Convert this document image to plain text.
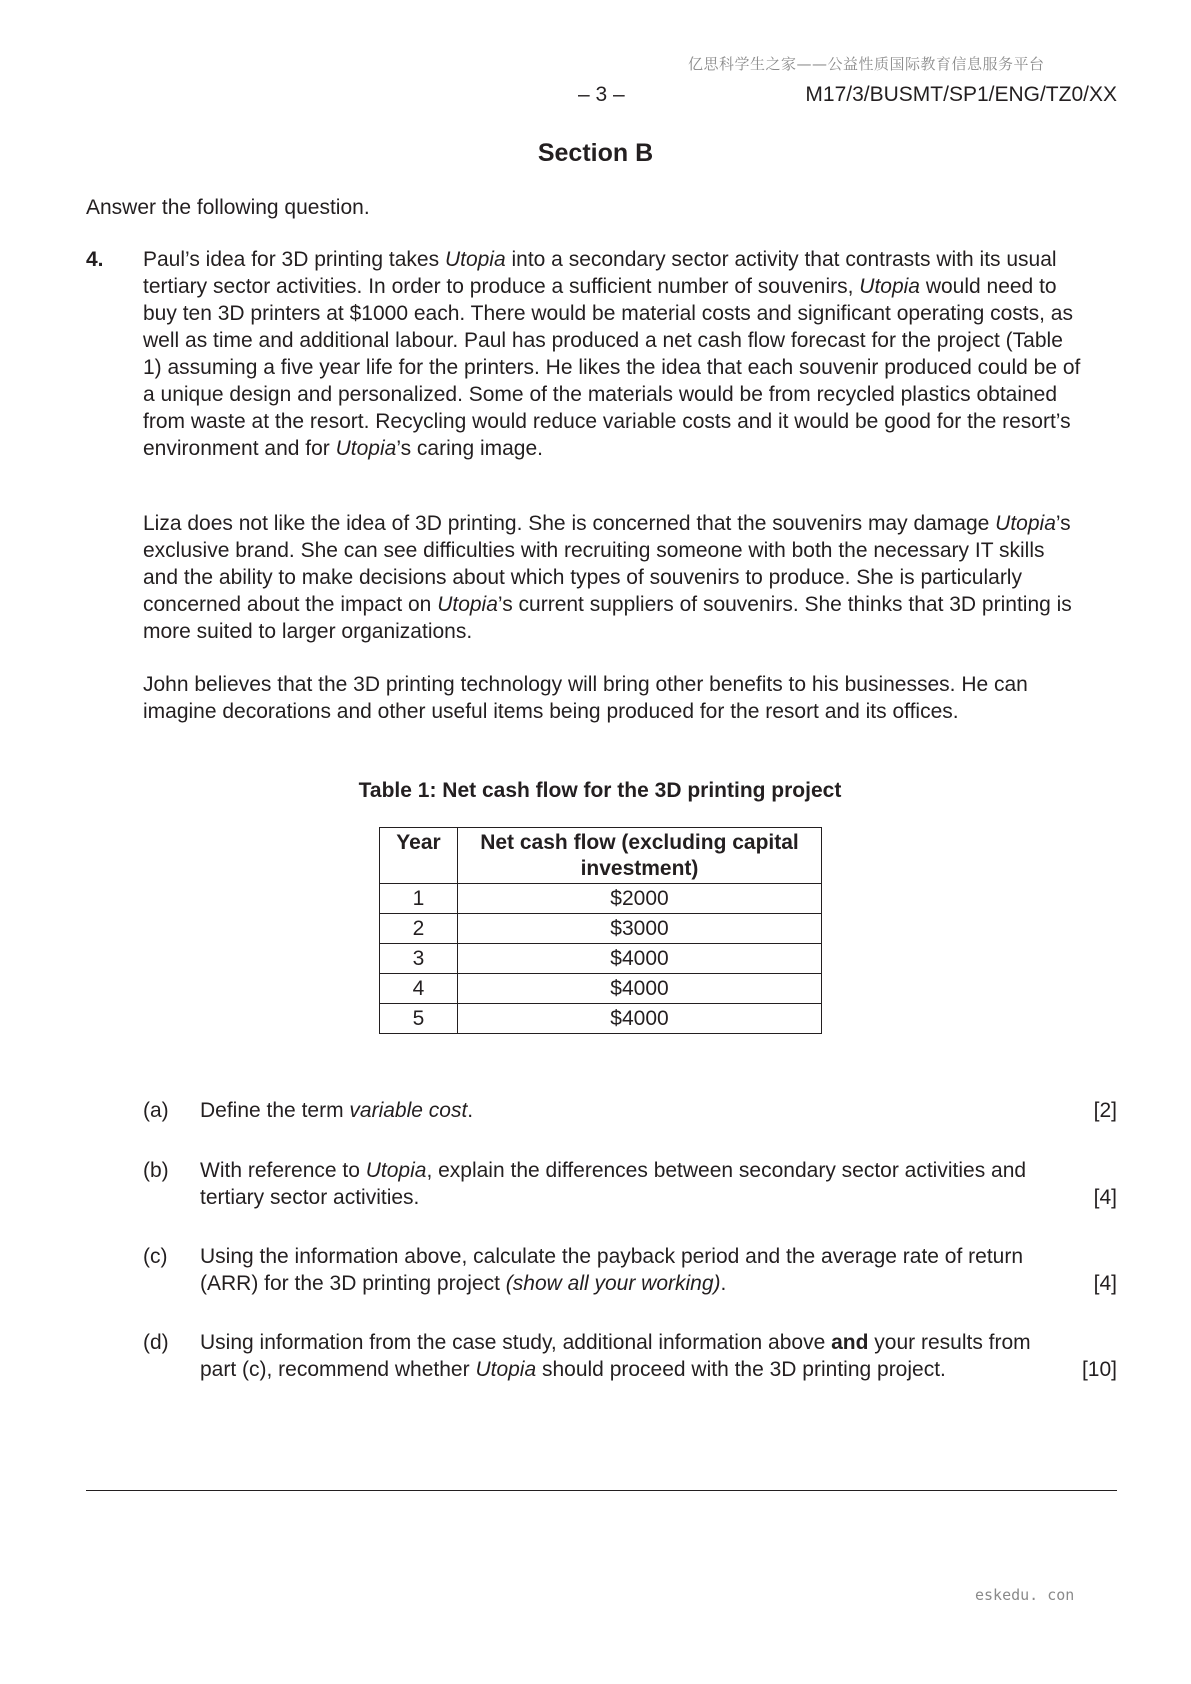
亿思科学生之家——公益性质国际教育信息服务平台
– 3 –	M17/3/BUSMT/SP1/ENG/TZ0/XX
Section B
Answer the following question.
4. Paul’s idea for 3D printing takes Utopia into a secondary sector activity that contrasts with its usual tertiary sector activities. In order to produce a sufficient number of souvenirs, Utopia would need to buy ten 3D printers at $1000 each. There would be material costs and significant operating costs, as well as time and additional labour. Paul has produced a net cash flow forecast for the project (Table 1) assuming a five year life for the printers. He likes the idea that each souvenir produced could be of a unique design and personalized. Some of the materials would be from recycled plastics obtained from waste at the resort. Recycling would reduce variable costs and it would be good for the resort’s environment and for Utopia’s caring image.

Liza does not like the idea of 3D printing. She is concerned that the souvenirs may damage Utopia’s exclusive brand. She can see difficulties with recruiting someone with both the necessary IT skills and the ability to make decisions about which types of souvenirs to produce. She is particularly concerned about the impact on Utopia’s current suppliers of souvenirs. She thinks that 3D printing is more suited to larger organizations.

John believes that the 3D printing technology will bring other benefits to his businesses. He can imagine decorations and other useful items being produced for the resort and its offices.

Table 1: Net cash flow for the 3D printing project
Year	Net cash flow (excluding capital investment)
1	$2000
2	$3000
3	$4000
4	$4000
5	$4000
(a) Define the term variable cost.	[2]
(b) With reference to Utopia, explain the differences between secondary sector activities and tertiary sector activities.	[4]
(c) Using the information above, calculate the payback period and the average rate of return (ARR) for the 3D printing project (show all your working).	[4]
(d) Using information from the case study, additional information above and your results from part (c), recommend whether Utopia should proceed with the 3D printing project.	[10]
eskedu. con
